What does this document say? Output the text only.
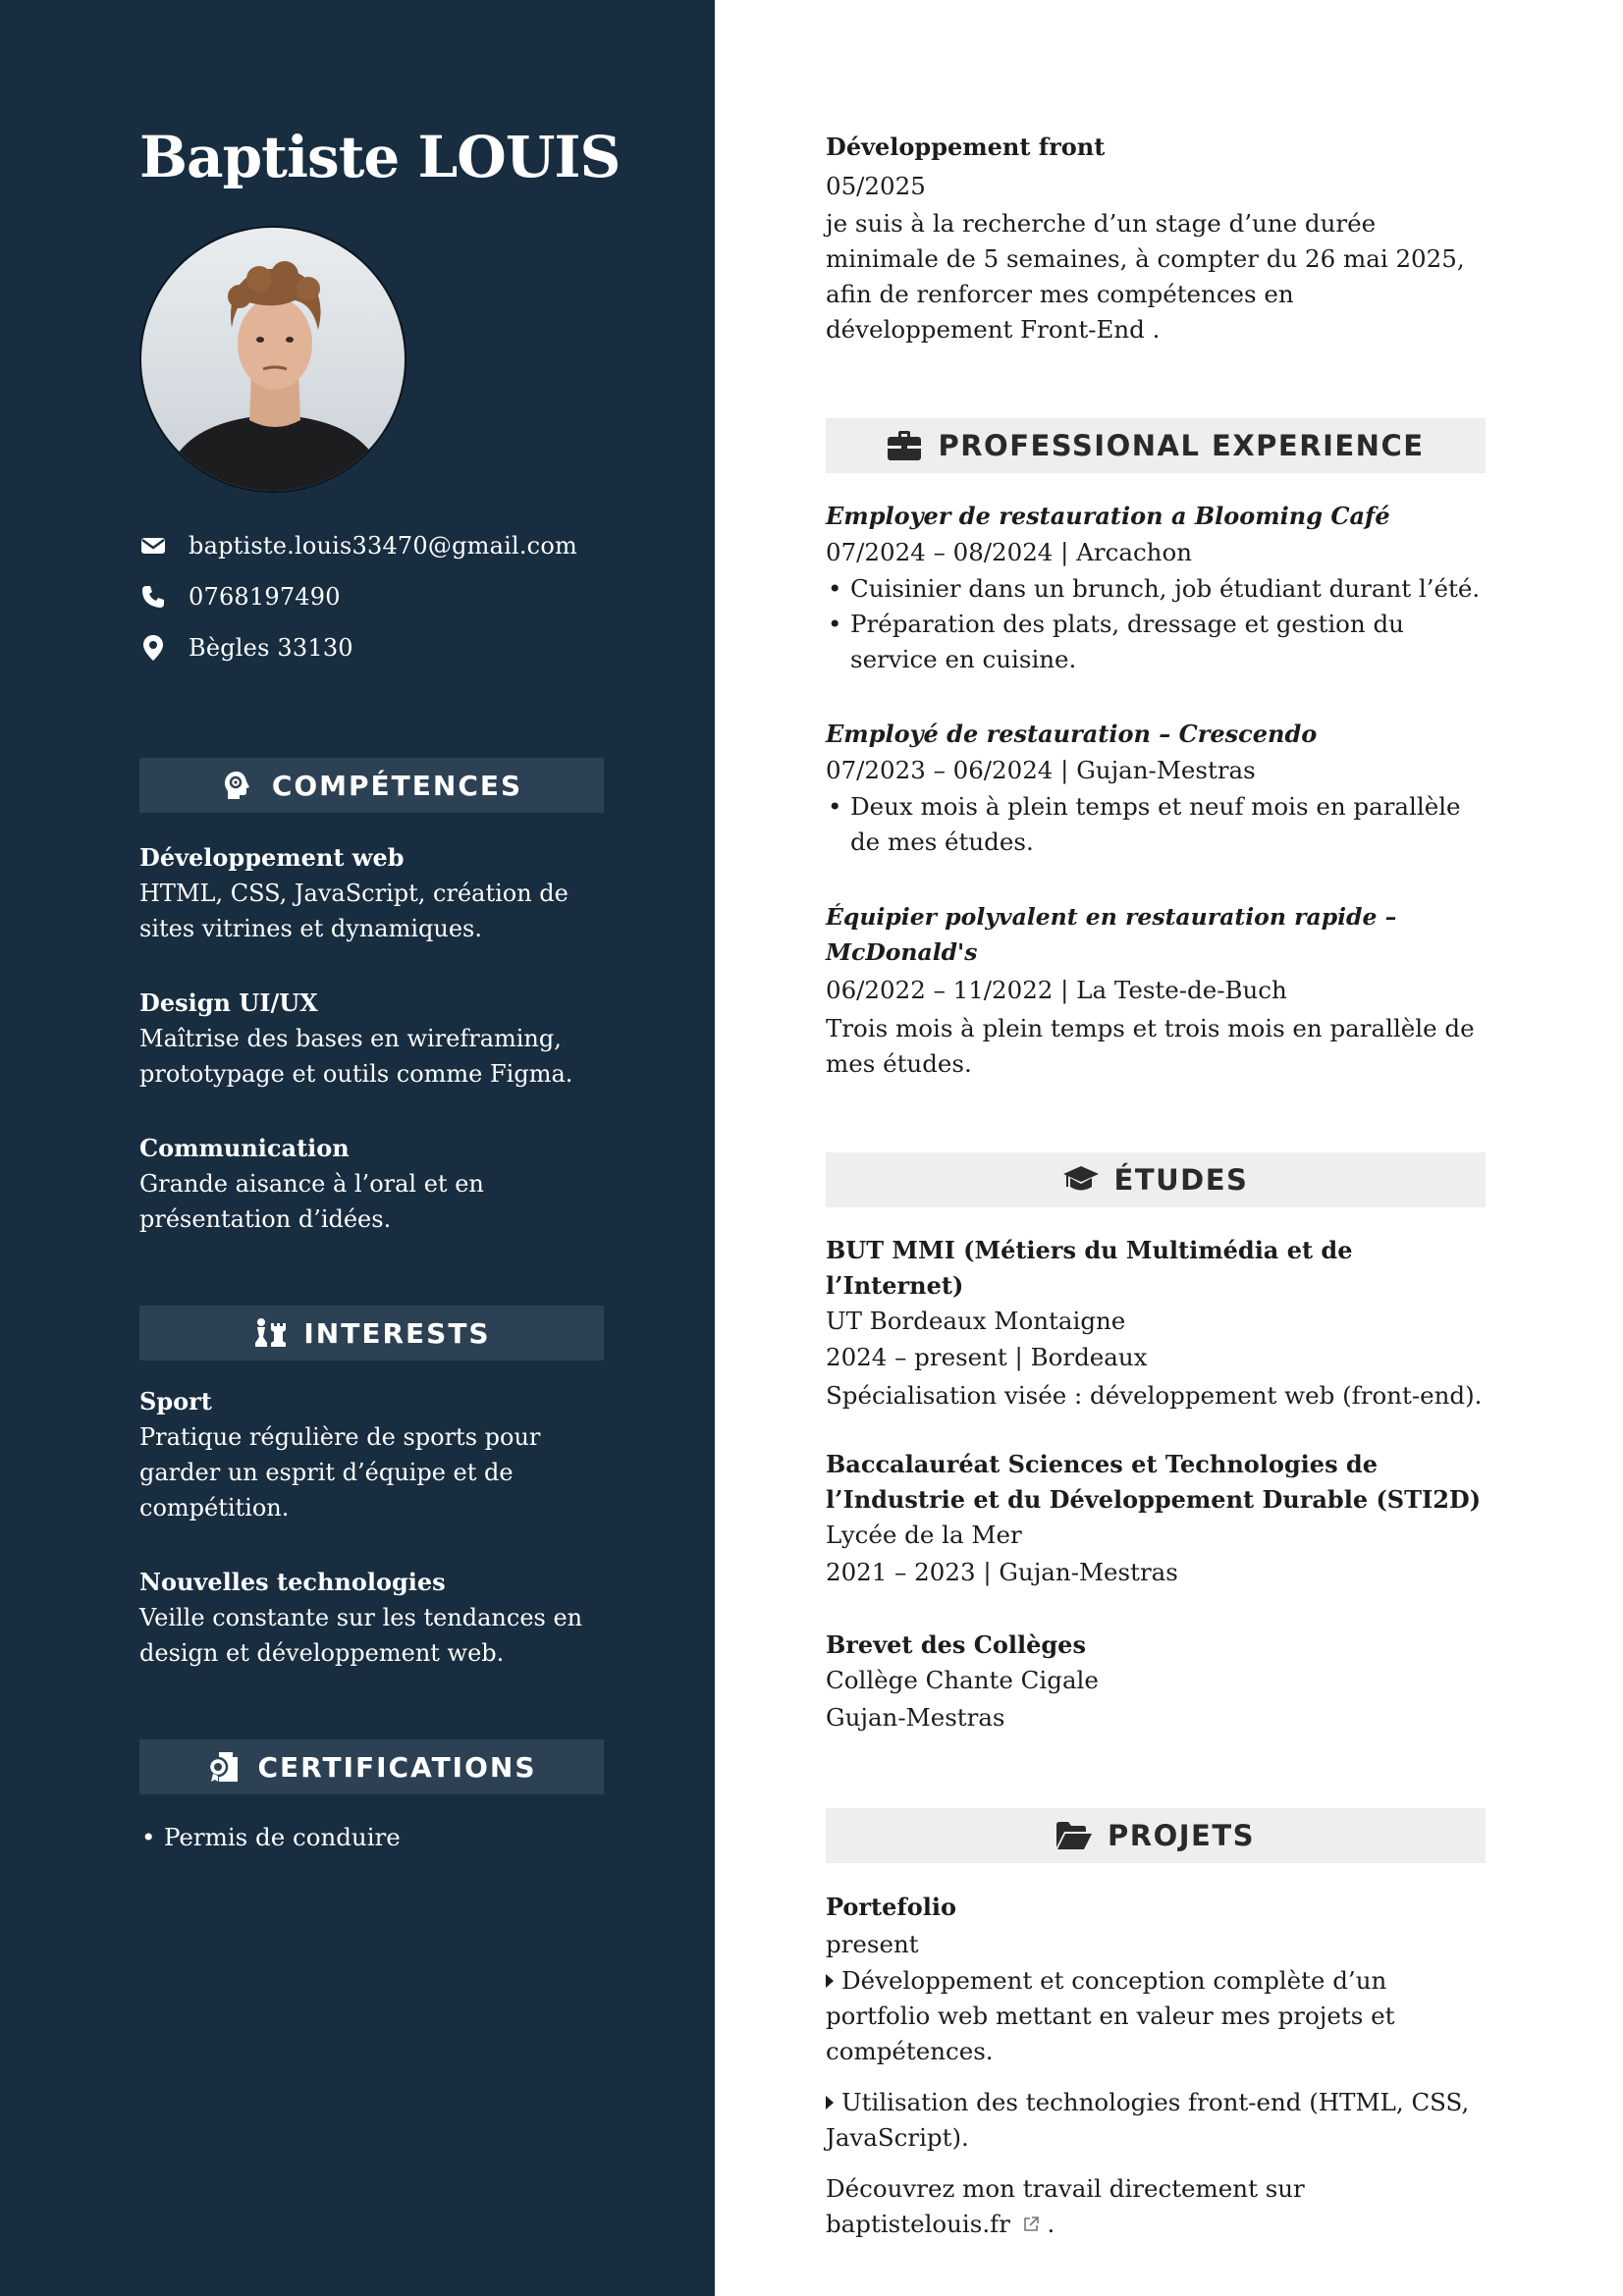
Baptiste LOUIS
baptiste.louis33470@gmail.com
0768197490
Bègles 33130
COMPÉTENCES
Développement web
HTML, CSS, JavaScript, création de sites vitrines et dynamiques.
Design UI/UX
Maîtrise des bases en wireframing, prototypage et outils comme Figma.
Communication
Grande aisance à l’oral et en présentation d’idées.
INTERESTS
Sport
Pratique régulière de sports pour garder un esprit d’équipe et de compétition.
Nouvelles technologies
Veille constante sur les tendances en design et développement web.
CERTIFICATIONS
• Permis de conduire
Développement front
05/2025
je suis à la recherche d’un stage d’une durée minimale de 5 semaines, à compter du 26 mai 2025, afin de renforcer mes compétences en développement Front-End .
PROFESSIONAL EXPERIENCE
Employer de restauration a Blooming Café
07/2024 – 08/2024 | Arcachon
• Cuisinier dans un brunch, job étudiant durant l’été.
• Préparation des plats, dressage et gestion du service en cuisine.
Employé de restauration – Crescendo
07/2023 – 06/2024 | Gujan-Mestras
• Deux mois à plein temps et neuf mois en parallèle de mes études.
Équipier polyvalent en restauration rapide – McDonald's
06/2022 – 11/2022 | La Teste-de-Buch
Trois mois à plein temps et trois mois en parallèle de mes études.
ÉTUDES
BUT MMI (Métiers du Multimédia et de l’Internet)
UT Bordeaux Montaigne
2024 – present | Bordeaux
Spécialisation visée : développement web (front-end).
Baccalauréat Sciences et Technologies de l’Industrie et du Développement Durable (STI2D)
Lycée de la Mer
2021 – 2023 | Gujan-Mestras
Brevet des Collèges
Collège Chante Cigale
Gujan-Mestras
PROJETS
Portefolio
present
Développement et conception complète d’un portfolio web mettant en valeur mes projets et compétences.
Utilisation des technologies front-end (HTML, CSS, JavaScript).
Découvrez mon travail directement sur
baptistelouis.fr .
